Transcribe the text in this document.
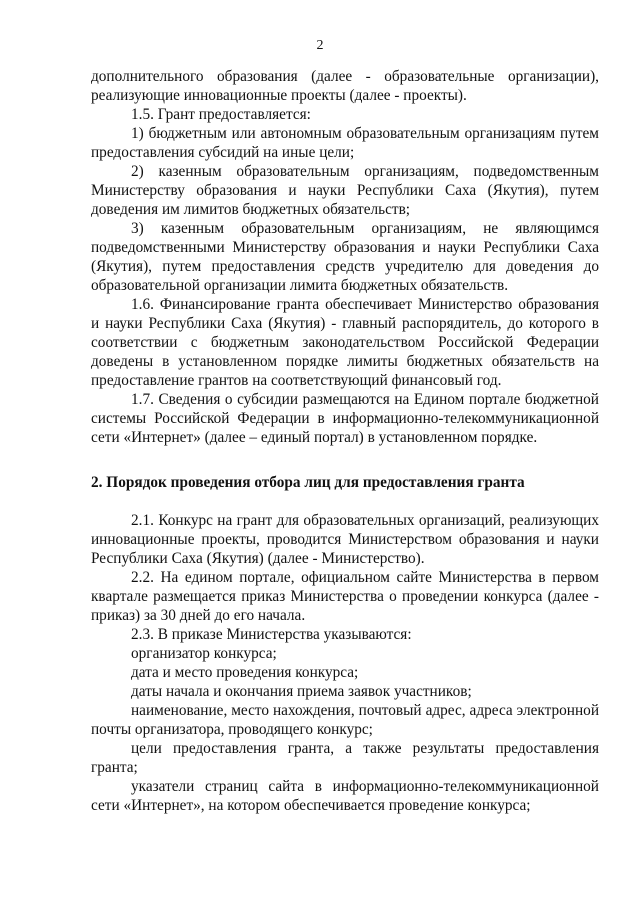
2

дополнительного образования (далее - образовательные организации), реализующие инновационные проекты (далее - проекты).

1.5. Грант предоставляется:

1) бюджетным или автономным образовательным организациям путем предоставления субсидий на иные цели;

2) казенным образовательным организациям, подведомственным Министерству образования и науки Республики Саха (Якутия), путем доведения им лимитов бюджетных обязательств;

3) казенным образовательным организациям, не являющимся подведомственными Министерству образования и науки Республики Саха (Якутия), путем предоставления средств учредителю для доведения до образовательной организации лимита бюджетных обязательств.

1.6. Финансирование гранта обеспечивает Министерство образования и науки Республики Саха (Якутия) - главный распорядитель, до которого в соответствии с бюджетным законодательством Российской Федерации доведены в установленном порядке лимиты бюджетных обязательств на предоставление грантов на соответствующий финансовый год.

1.7. Сведения о субсидии размещаются на Едином портале бюджетной системы Российской Федерации в информационно-телекоммуникационной сети «Интернет» (далее – единый портал) в установленном порядке.

2. Порядок проведения отбора лиц для предоставления гранта

2.1. Конкурс на грант для образовательных организаций, реализующих инновационные проекты, проводится Министерством образования и науки Республики Саха (Якутия) (далее - Министерство).

2.2. На едином портале, официальном сайте Министерства в первом квартале размещается приказ Министерства о проведении конкурса (далее - приказ) за 30 дней до его начала.

2.3. В приказе Министерства указываются:

организатор конкурса;

дата и место проведения конкурса;

даты начала и окончания приема заявок участников;

наименование, место нахождения, почтовый адрес, адреса электронной почты организатора, проводящего конкурс;

цели предоставления гранта, а также результаты предоставления гранта;

указатели страниц сайта в информационно-телекоммуникационной сети «Интернет», на котором обеспечивается проведение конкурса;
